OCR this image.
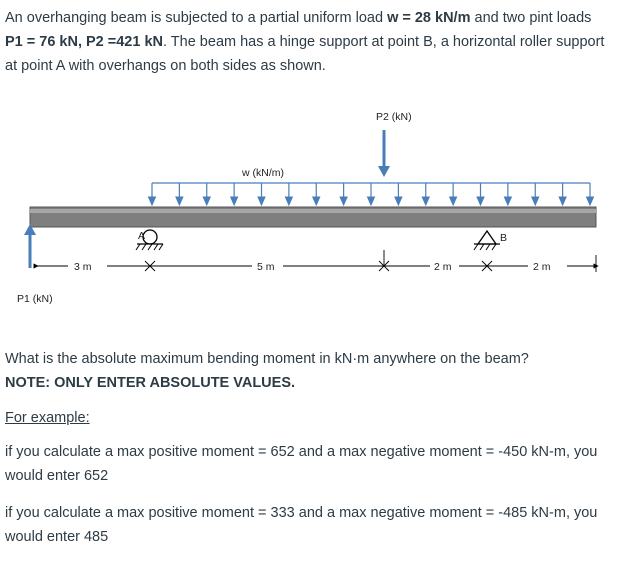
An overhanging beam is subjected to a partial uniform load w = 28 kN/m and two pint loads P1 = 76 kN, P2 =421 kN. The beam has a hinge support at point B, a horizontal roller support at point A with overhangs on both sides as shown.

P2 (kN)
w (kN/m)
A	B
P1 (kN)
3 m	5 m	2 m	2 m

What is the absolute maximum bending moment in kN·m anywhere on the beam? NOTE: ONLY ENTER ABSOLUTE VALUES.

For example:

if you calculate a max positive moment = 652 and a max negative moment = -450 kN-m, you would enter 652

if you calculate a max positive moment = 333 and a max negative moment = -485 kN-m, you would enter 485
